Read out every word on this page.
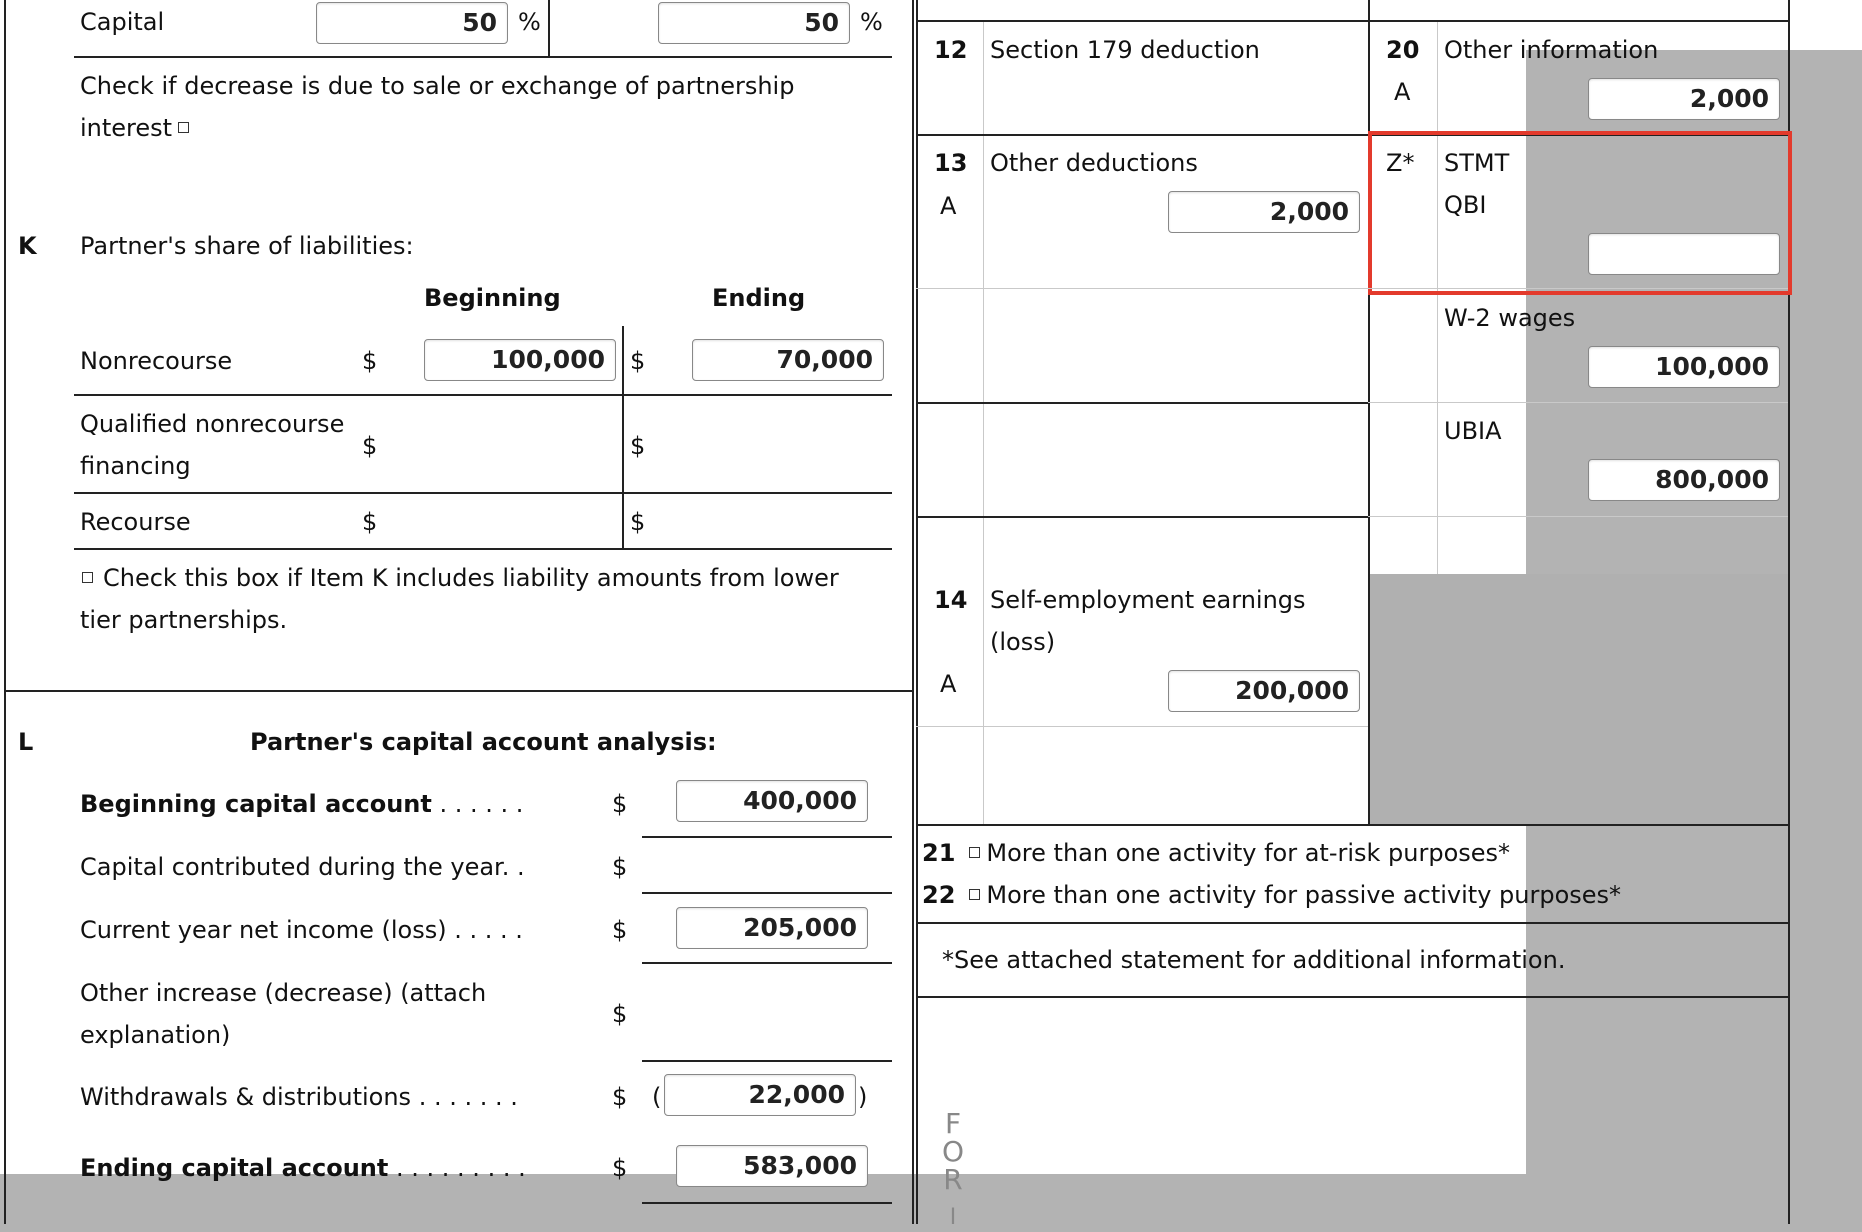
Capital	50 %	50 %
Check if decrease is due to sale or exchange of partnership
interest
K Partner's share of liabilities:
Beginning	Ending
Nonrecourse	$	100,000	$	70,000
Qualified nonrecourse
financing
$	$
Recourse	$	$
Check this box if Item K includes liability amounts from lower
tier partnerships.
L	Partner's capital account analysis:
Beginning capital account . . . . . .	$	400,000
Capital contributed during the year. .	$
Current year net income (loss) . . . . .	$	205,000
Other increase (decrease) (attach
explanation)
$
Withdrawals & distributions . . . . . . .	$ (	22,000 )
Ending capital account . . . . . . . . .	$	583,000
12 Section 179 deduction
13 Other deductions
A	2,000
14 Self-employment earnings
(loss)
A	200,000
20 Other information
A	2,000
Z* STMT
QBI
W-2 wages
100,000
UBIA
800,000
21 More than one activity for at-risk purposes*
22 More than one activity for passive activity purposes*
*See attached statement for additional information.
F
O
R
I
